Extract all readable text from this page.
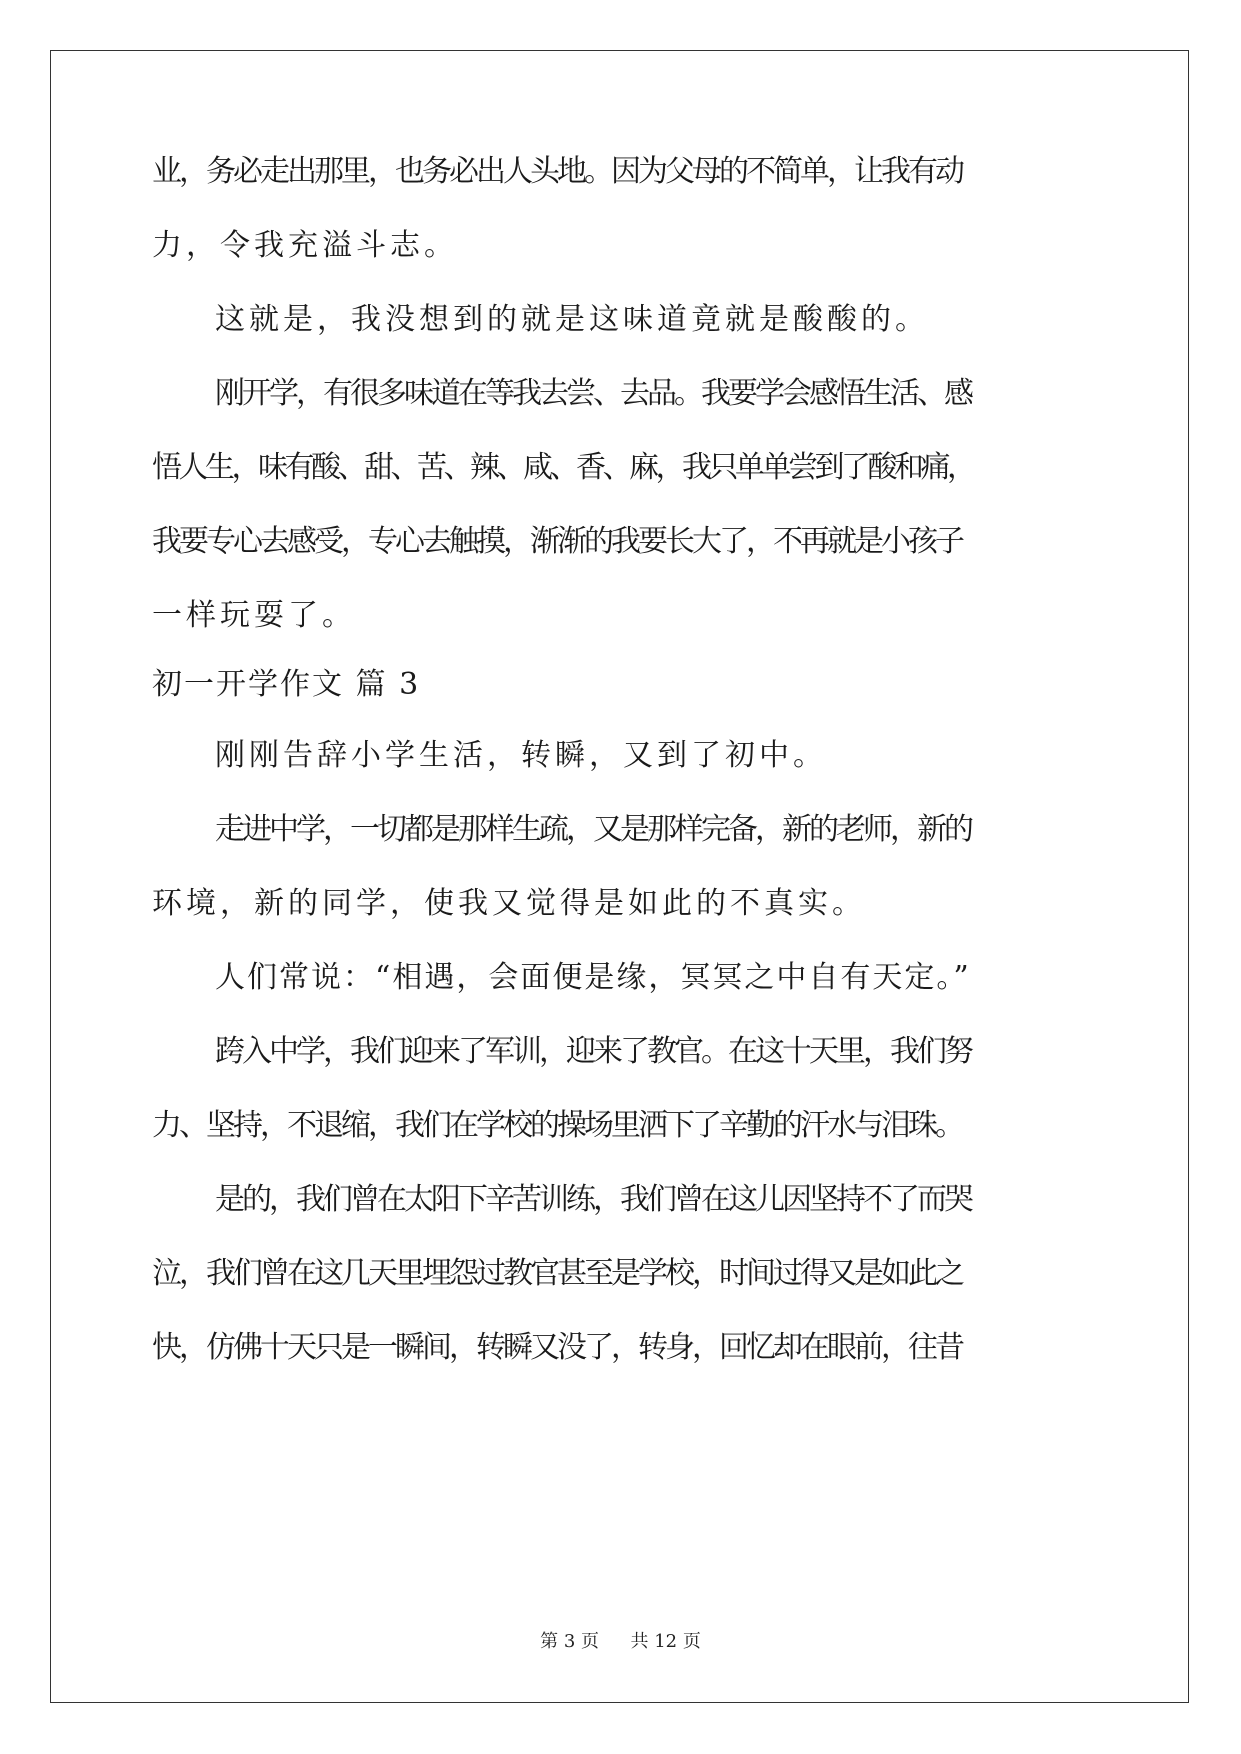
业，务必走出那里，也务必出人头地。因为父母的不简单，让我有动
力，令我充溢斗志。
这就是，我没想到的就是这味道竟就是酸酸的。
刚开学，有很多味道在等我去尝、去品。我要学会感悟生活、感
悟人生，味有酸、甜、苦、辣、咸、香、麻，我只单单尝到了酸和痛，
我要专心去感受，专心去触摸，渐渐的我要长大了，不再就是小孩子
一样玩耍了。
初一开学作文 篇 3
刚刚告辞小学生活，转瞬，又到了初中。
走进中学，一切都是那样生疏，又是那样完备，新的老师，新的
环境，新的同学，使我又觉得是如此的不真实。
人们常说：“相遇，会面便是缘，冥冥之中自有天定。”
跨入中学，我们迎来了军训，迎来了教官。在这十天里，我们努
力、坚持，不退缩，我们在学校的操场里洒下了辛勤的汗水与泪珠。
是的，我们曾在太阳下辛苦训练，我们曾在这儿因坚持不了而哭
泣，我们曾在这几天里埋怨过教官甚至是学校，时间过得又是如此之
快，仿佛十天只是一瞬间，转瞬又没了，转身，回忆却在眼前，往昔
第 3 页 共 12 页
